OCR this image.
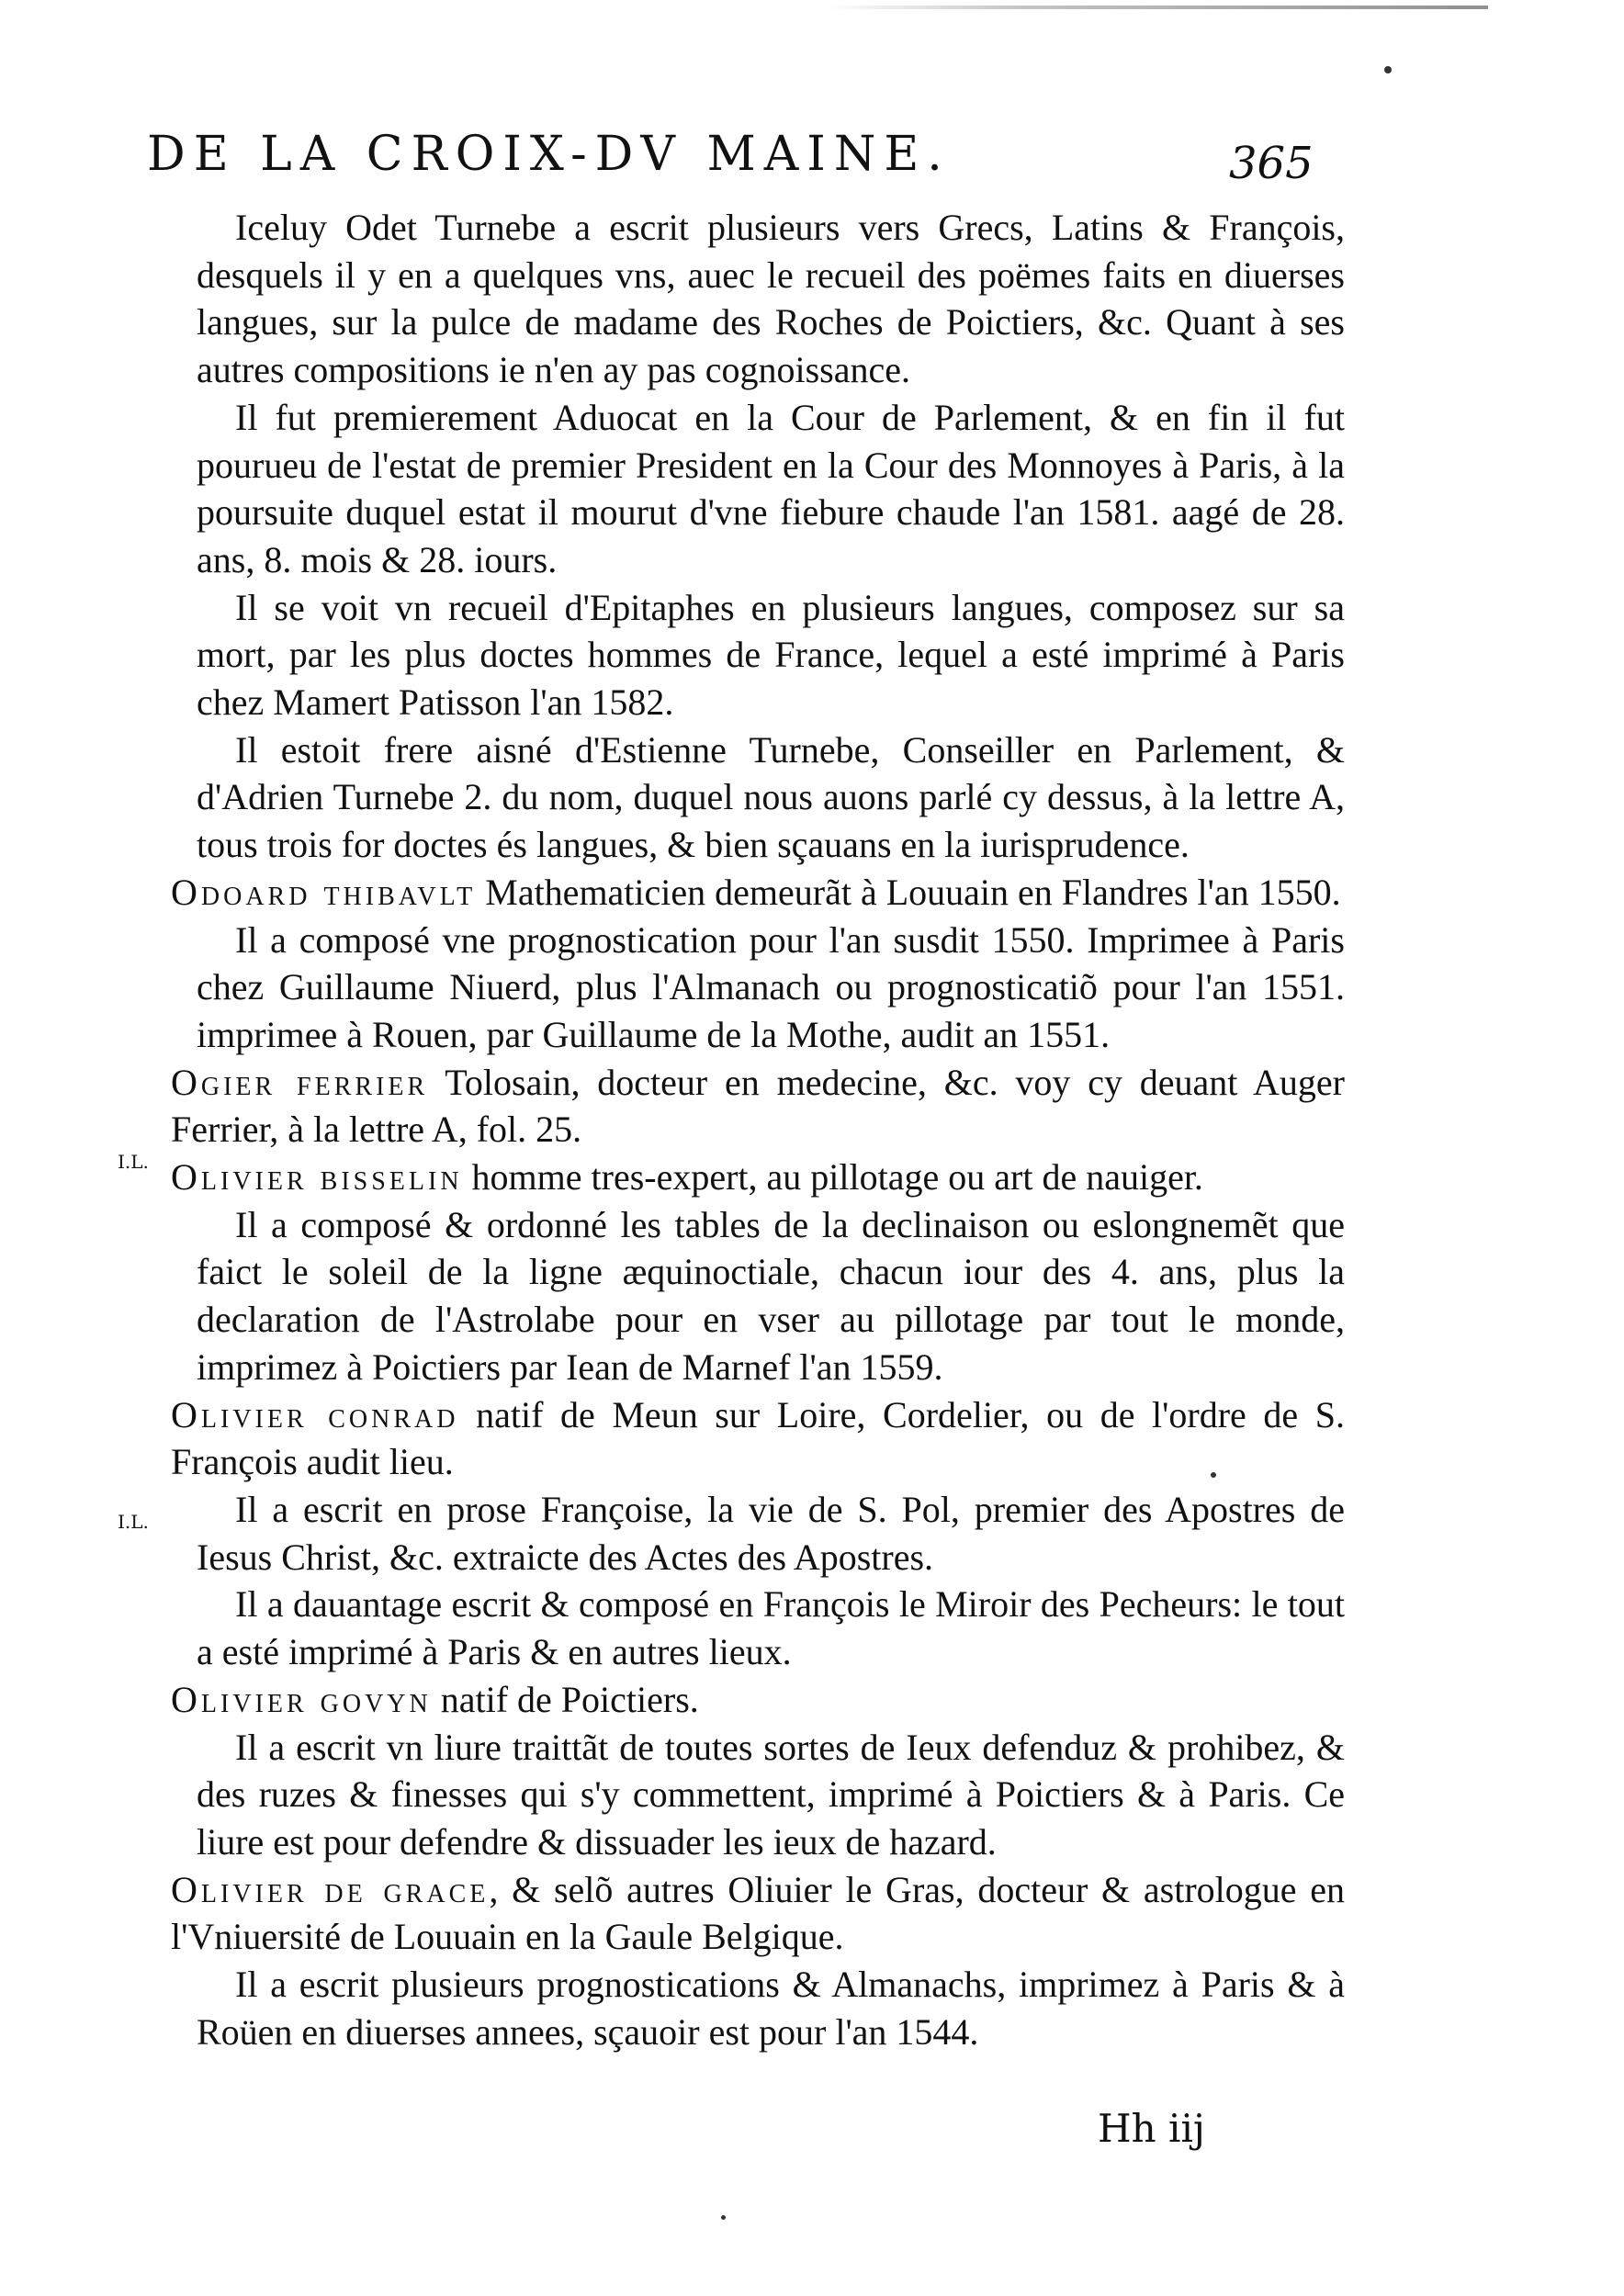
DE LA CROIX-DV MAINE.	365
I.L.
I.L.

Iceluy Odet Turnebe a escrit plusieurs vers Grecs, Latins & François, desquels il y en a quelques vns, auec le recueil des poëmes faits en diuerses langues, sur la pulce de madame des Roches de Poictiers, &c. Quant à ses autres compositions ie n'en ay pas cognoissance.

Il fut premierement Aduocat en la Cour de Parlement, & en fin il fut pourueu de l'estat de premier President en la Cour des Monnoyes à Paris, à la poursuite duquel estat il mourut d'vne fiebure chaude l'an 1581. aagé de 28. ans, 8. mois & 28. iours.

Il se voit vn recueil d'Epitaphes en plusieurs langues, composez sur sa mort, par les plus doctes hommes de France, lequel a esté imprimé à Paris chez Mamert Patisson l'an 1582.

Il estoit frere aisné d'Estienne Turnebe, Conseiller en Parlement, & d'Adrien Turnebe 2. du nom, duquel nous auons parlé cy dessus, à la lettre A, tous trois for doctes és langues, & bien sçauans en la iurisprudence.

Odoard thibavlt Mathematicien demeurãt à Louuain en Flandres l'an 1550.

Il a composé vne prognostication pour l'an susdit 1550. Imprimee à Paris chez Guillaume Niuerd, plus l'Almanach ou prognosticatiõ pour l'an 1551. imprimee à Rouen, par Guillaume de la Mothe, audit an 1551.

Ogier ferrier Tolosain, docteur en medecine, &c. voy cy deuant Auger Ferrier, à la lettre A, fol. 25.

Olivier bisselin homme tres-expert, au pillotage ou art de nauiger.

Il a composé & ordonné les tables de la declinaison ou eslongnemẽt que faict le soleil de la ligne æquinoctiale, chacun iour des 4. ans, plus la declaration de l'Astrolabe pour en vser au pillotage par tout le monde, imprimez à Poictiers par Iean de Marnef l'an 1559.

Olivier conrad natif de Meun sur Loire, Cordelier, ou de l'ordre de S. François audit lieu.

Il a escrit en prose Françoise, la vie de S. Pol, premier des Apostres de Iesus Christ, &c. extraicte des Actes des Apostres.

Il a dauantage escrit & composé en François le Miroir des Pecheurs: le tout a esté imprimé à Paris & en autres lieux.

Olivier govyn natif de Poictiers.

Il a escrit vn liure traittãt de toutes sortes de Ieux defenduz & prohibez, & des ruzes & finesses qui s'y commettent, imprimé à Poictiers & à Paris. Ce liure est pour defendre & dissuader les ieux de hazard.

Olivier de grace, & selõ autres Oliuier le Gras, docteur & astrologue en l'Vniuersité de Louuain en la Gaule Belgique.

Il a escrit plusieurs prognostications & Almanachs, imprimez à Paris & à Roüen en diuerses annees, sçauoir est pour l'an 1544.

Hh iij
